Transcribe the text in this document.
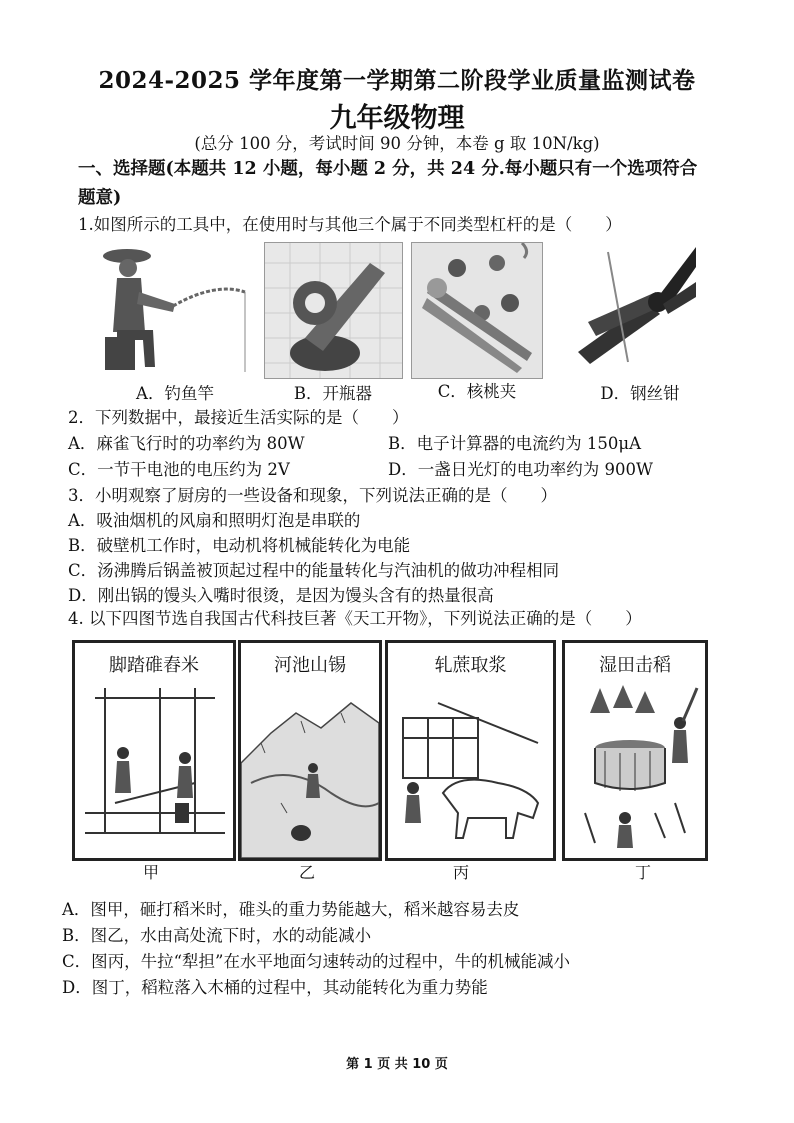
2024-2025 学年度第一学期第二阶段学业质量监测试卷
九年级物理
(总分 100 分，考试时间 90 分钟，本卷 g 取 10N/kg)
一、选择题(本题共 12 小题，每小题 2 分，共 24 分.每小题只有一个选项符合
题意)
1.如图所示的工具中，在使用时与其他三个属于不同类型杠杆的是（　　）
A．钓鱼竿	B．开瓶器	C．核桃夹	D．钢丝钳
2．下列数据中，最接近生活实际的是（　　）
A．麻雀飞行时的功率约为 80W	B．电子计算器的电流约为 150μA
C．一节干电池的电压约为 2V	D．一盏日光灯的电功率约为 900W
3．小明观察了厨房的一些设备和现象，下列说法正确的是（　　）
A．吸油烟机的风扇和照明灯泡是串联的
B．破壁机工作时，电动机将机械能转化为电能
C．汤沸腾后锅盖被顶起过程中的能量转化与汽油机的做功冲程相同
D．刚出锅的馒头入嘴时很烫，是因为馒头含有的热量很高
4. 以下四图节选自我国古代科技巨著《天工开物》，下列说法正确的是（　　）
脚踏碓舂米	河池山锡	轧蔗取浆	湿田击稻
甲	乙	丙	丁
A．图甲，砸打稻米时，碓头的重力势能越大，稻米越容易去皮
B．图乙，水由高处流下时，水的动能减小
C．图丙，牛拉“犁担”在水平地面匀速转动的过程中，牛的机械能减小
D．图丁，稻粒落入木桶的过程中，其动能转化为重力势能
第 1 页 共 10 页
